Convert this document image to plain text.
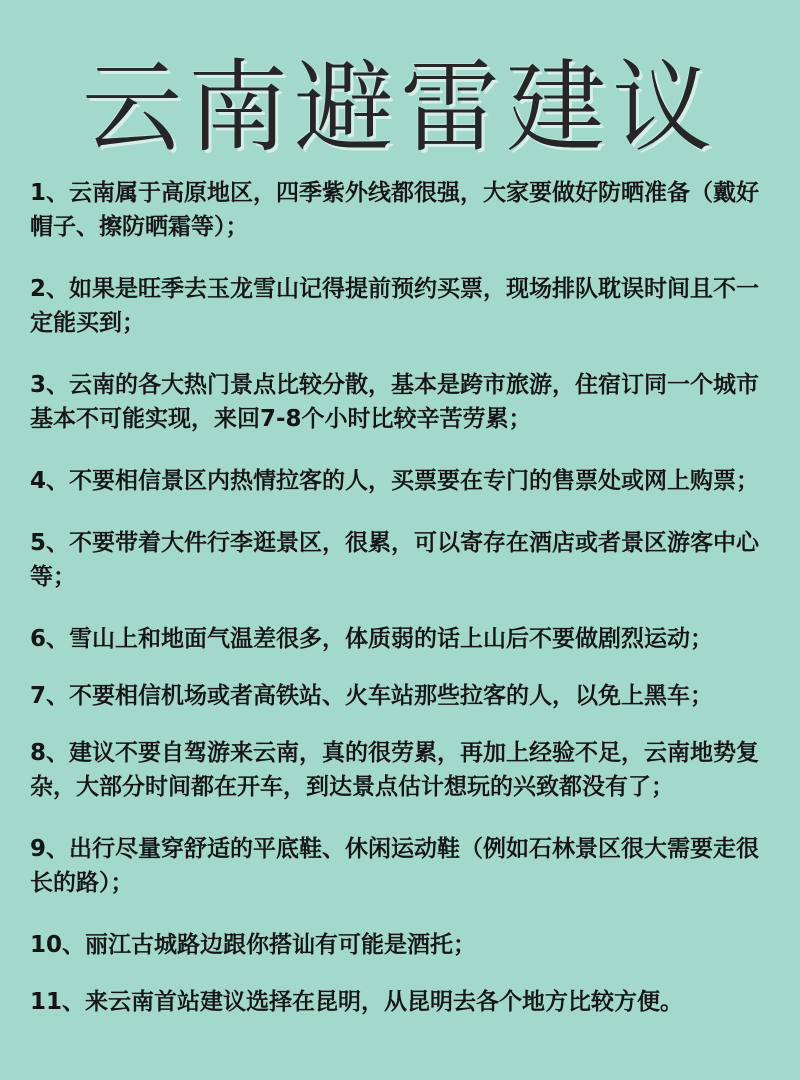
云南避雷建议
1、云南属于高原地区，四季紫外线都很强，大家要做好防晒准备（戴好帽子、擦防晒霜等）；
2、如果是旺季去玉龙雪山记得提前预约买票，现场排队耽误时间且不一定能买到；
3、云南的各大热门景点比较分散，基本是跨市旅游，住宿订同一个城市基本不可能实现，来回7-8个小时比较辛苦劳累；
4、不要相信景区内热情拉客的人，买票要在专门的售票处或网上购票；
5、不要带着大件行李逛景区，很累，可以寄存在酒店或者景区游客中心等；
6、雪山上和地面气温差很多，体质弱的话上山后不要做剧烈运动；
7、不要相信机场或者高铁站、火车站那些拉客的人，以免上黑车；
8、建议不要自驾游来云南，真的很劳累，再加上经验不足，云南地势复杂，大部分时间都在开车，到达景点估计想玩的兴致都没有了；
9、出行尽量穿舒适的平底鞋、休闲运动鞋（例如石林景区很大需要走很长的路）；
10、丽江古城路边跟你搭讪有可能是酒托；
11、来云南首站建议选择在昆明，从昆明去各个地方比较方便。
